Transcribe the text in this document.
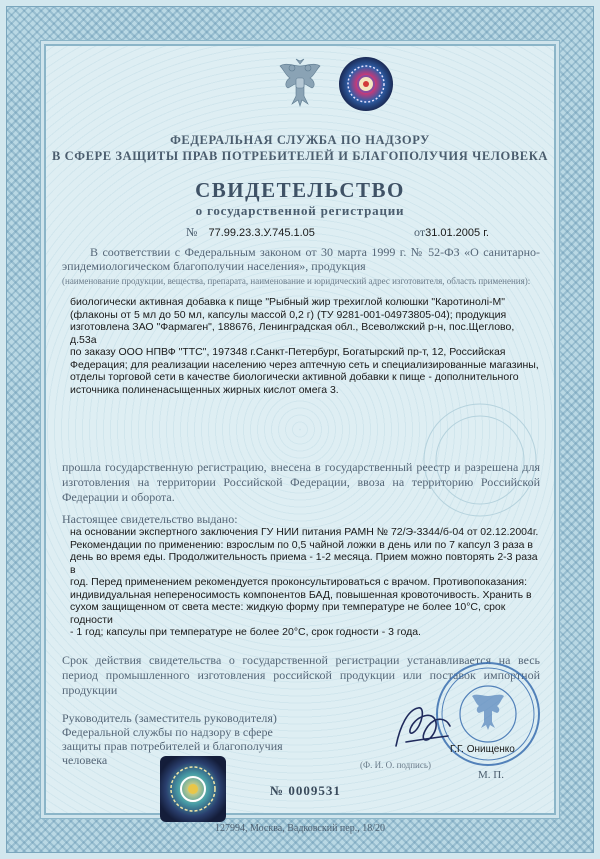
ФЕДЕРАЛЬНАЯ СЛУЖБА ПО НАДЗОРУ
В СФЕРЕ ЗАЩИТЫ ПРАВ ПОТРЕБИТЕЛЕЙ И БЛАГОПОЛУЧИЯ ЧЕЛОВЕКА
СВИДЕТЕЛЬСТВО
о государственной регистрации
№ 77.99.23.3.У.745.1.05	от31.01.2005 г.
В соответствии с Федеральным законом от 30 марта 1999 г. № 52-ФЗ «О санитарно-эпидемиологическом благополучии населения», продукция
(наименование продукции, вещества, препарата, наименование и юридический адрес изготовителя, область применения):

биологически активная добавка к пище "Рыбный жир трехиглой колюшки "Каротинолi-М"
(флаконы от 5 мл до 50 мл, капсулы массой 0,2 г) (ТУ 9281-001-04973805-04); продукция
изготовлена ЗАО "Фармаген", 188676, Ленинградская обл., Всеволжский р-н, пос.Щеглово, д.53а
по заказу ООО НПВФ "ТТС", 197348 г.Санкт-Петербург, Богатырский пр-т, 12, Российская
Федерация; для реализации населению через аптечную сеть и специализированные магазины,
отделы торговой сети в качестве биологически активной добавки к пище - дополнительного
источника полиненасыщенных жирных кислот омега 3.

прошла государственную регистрацию, внесена в государственный реестр и разрешена для изготовления на территории Российской Федерации, ввоза на территорию Российской Федерации и оборота.
Настоящее свидетельство выдано:

на основании экспертного заключения ГУ НИИ питания РАМН № 72/Э-3344/б-04 от 02.12.2004г.
Рекомендации по применению: взрослым по 0,5 чайной ложки в день или по 7 капсул 3 раза в
день во время еды. Продолжительность приема - 1-2 месяца. Прием можно повторять 2-3 раза в
год. Перед применением рекомендуется проконсультироваться с врачом. Противопоказания:
индивидуальная непереносимость компонентов БАД, повышенная кровоточивость. Хранить в
сухом защищенном от света месте: жидкую форму при температуре не более 10°С, срок годности
- 1 год; капсулы при температуре не более 20°С, срок годности - 3 года.

Срок действия свидетельства о государственной регистрации устанавливается на весь период промышленного изготовления российской продукции или поставок импортной продукции
Руководитель (заместитель руководителя) Федеральной службы по надзору в сфере защиты прав потребителей и благополучия человека
Г.Г. Онищенко
(Ф. И. О. подпись)
М. П.
№ 0009531
127994, Москва, Вадковский пер., 18/20
